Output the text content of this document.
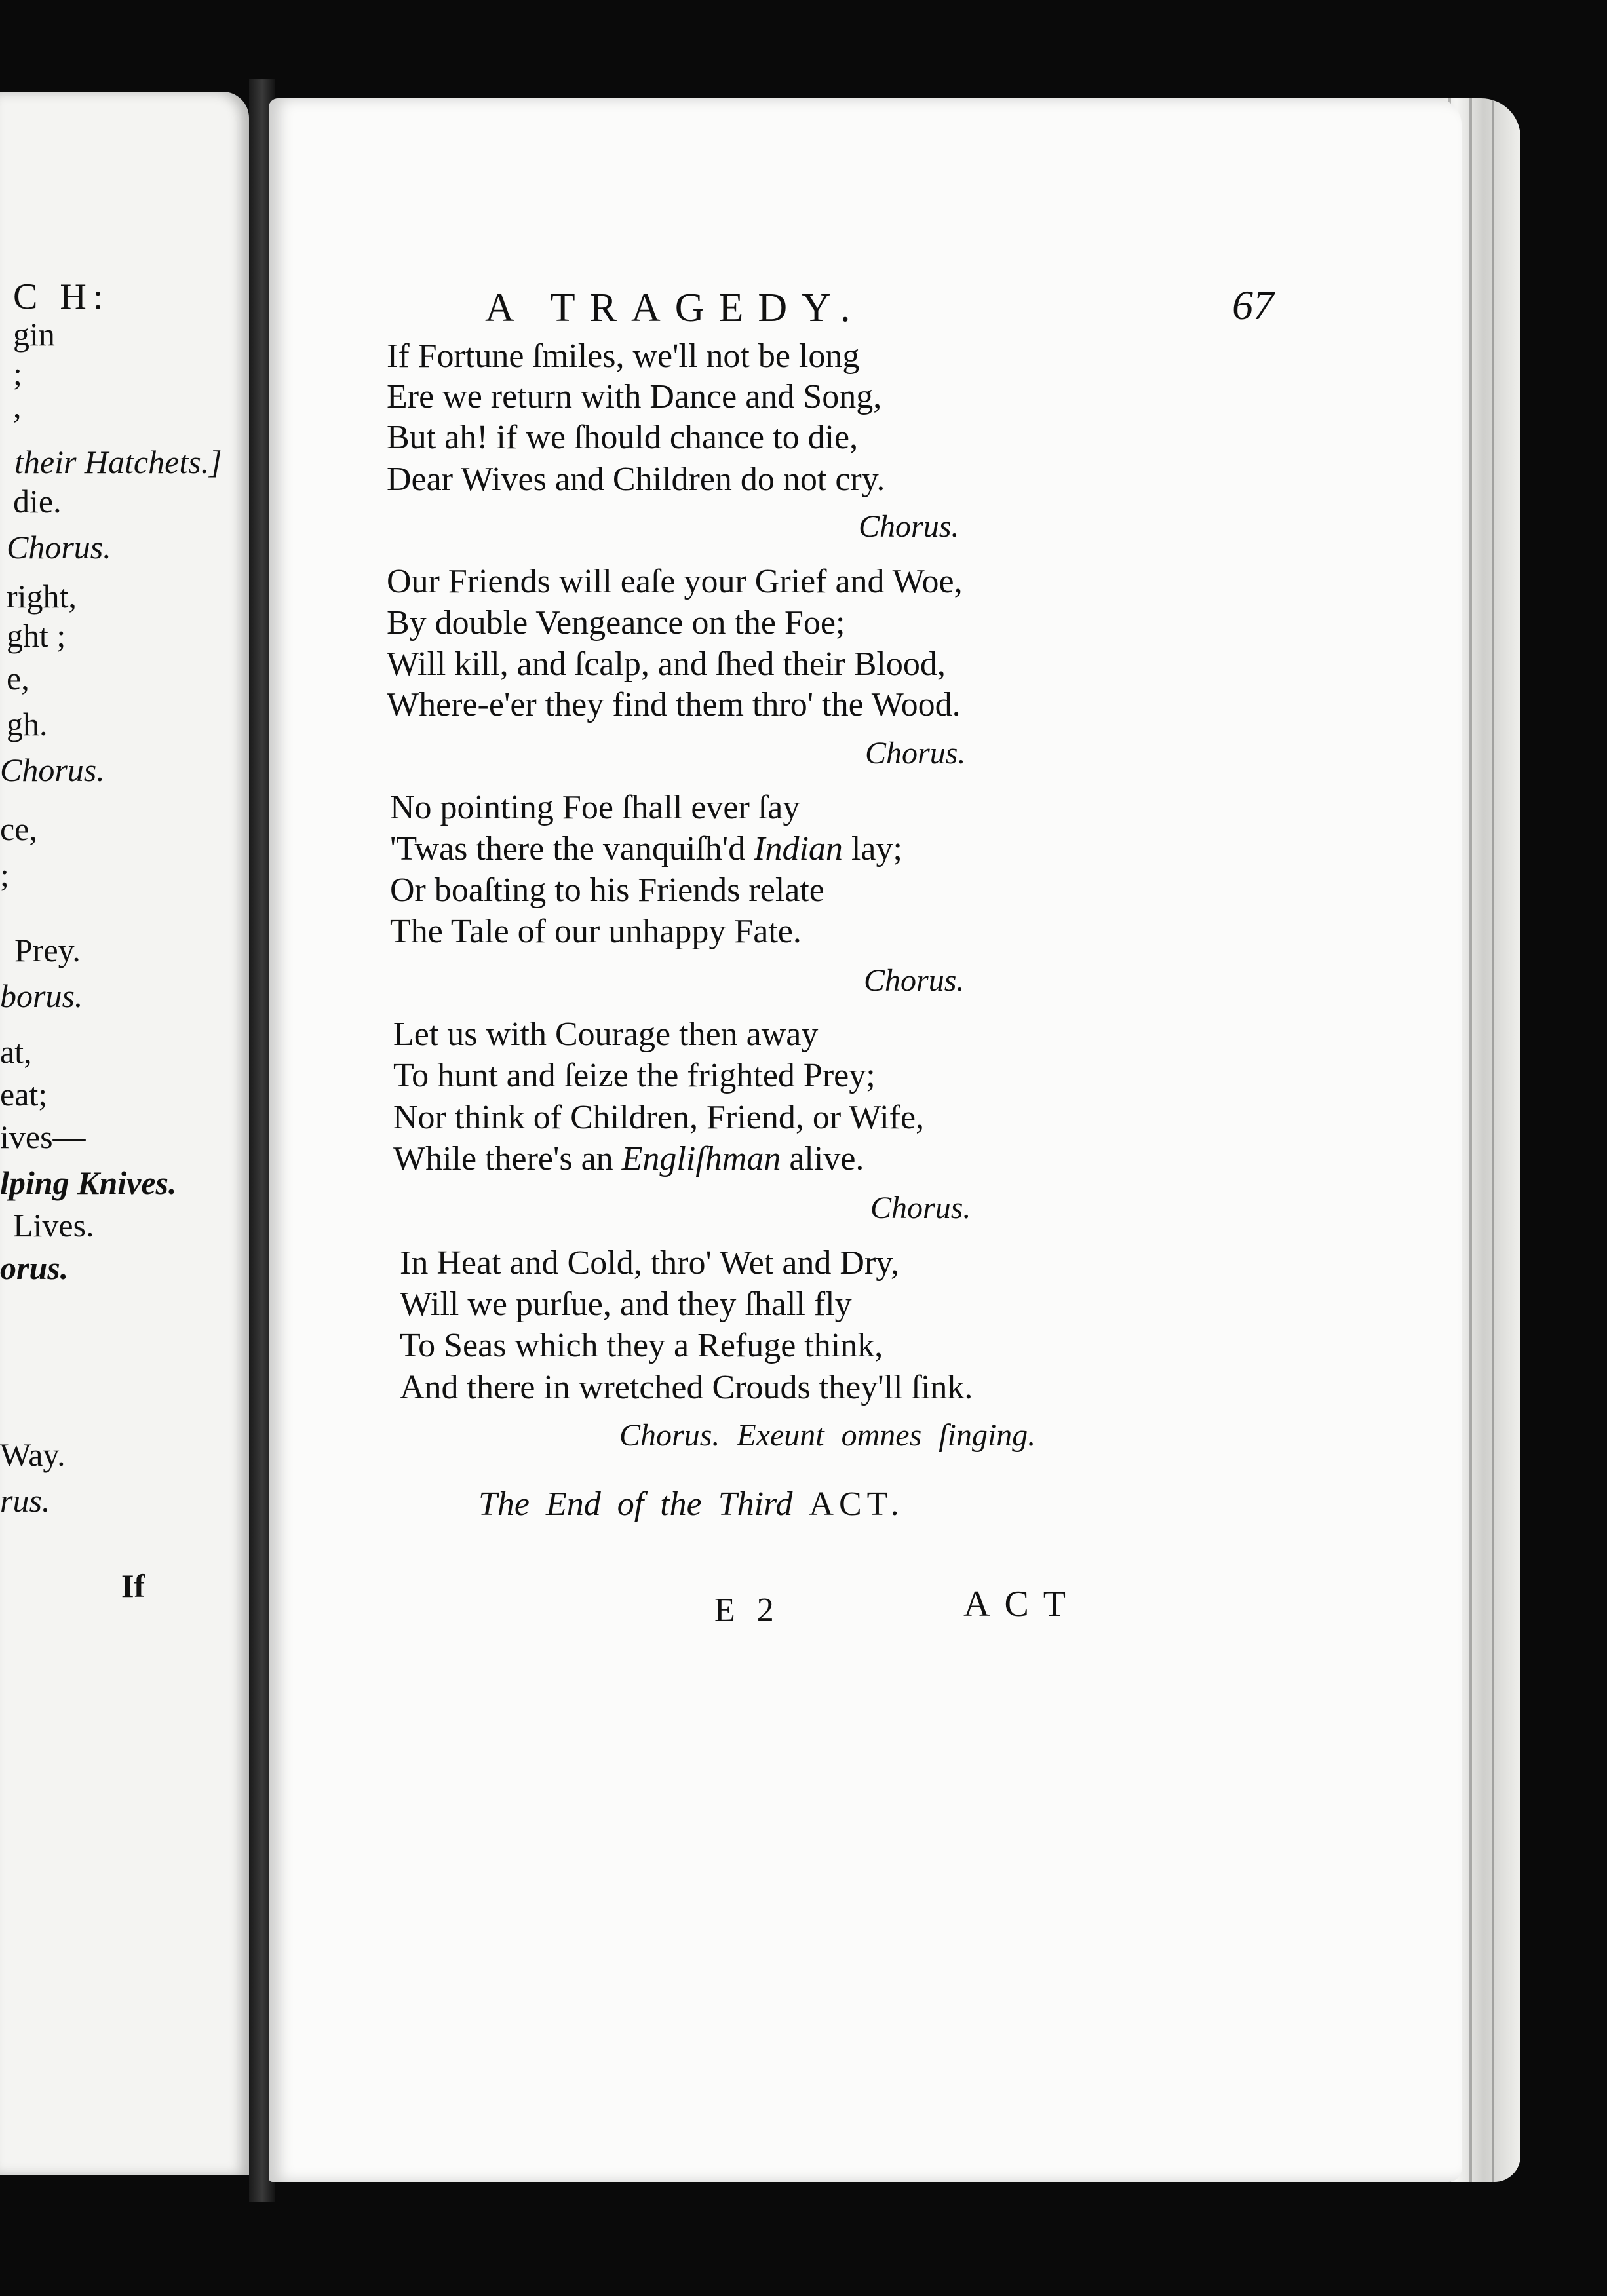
C H:
gin
;
,
their Hatchets.]
die.
Chorus.
right,
ght ;
e,
gh.
Chorus.
ce,
;
Prey.
borus.
at,
eat;
ives—
lping Knives.
Lives.
orus.
Way.
rus.
If
A TRAGEDY.	67
If Fortune ſmiles, we'll not be long
Ere we return with Dance and Song,
But ah! if we ſhould chance to die,
Dear Wives and Children do not cry.
Chorus.
Our Friends will eaſe your Grief and Woe,
By double Vengeance on the Foe;
Will kill, and ſcalp, and ſhed their Blood,
Where-e'er they find them thro' the Wood.
Chorus.
No pointing Foe ſhall ever ſay
'Twas there the vanquiſh'd Indian lay;
Or boaſting to his Friends relate
The Tale of our unhappy Fate.
Chorus.
Let us with Courage then away
To hunt and ſeize the frighted Prey;
Nor think of Children, Friend, or Wife,
While there's an Engliſhman alive.
Chorus.
In Heat and Cold, thro' Wet and Dry,
Will we purſue, and they ſhall fly
To Seas which they a Refuge think,
And there in wretched Crouds they'll ſink.
Chorus. Exeunt omnes ſinging.
The End of the Third ACT.
E 2	ACT
